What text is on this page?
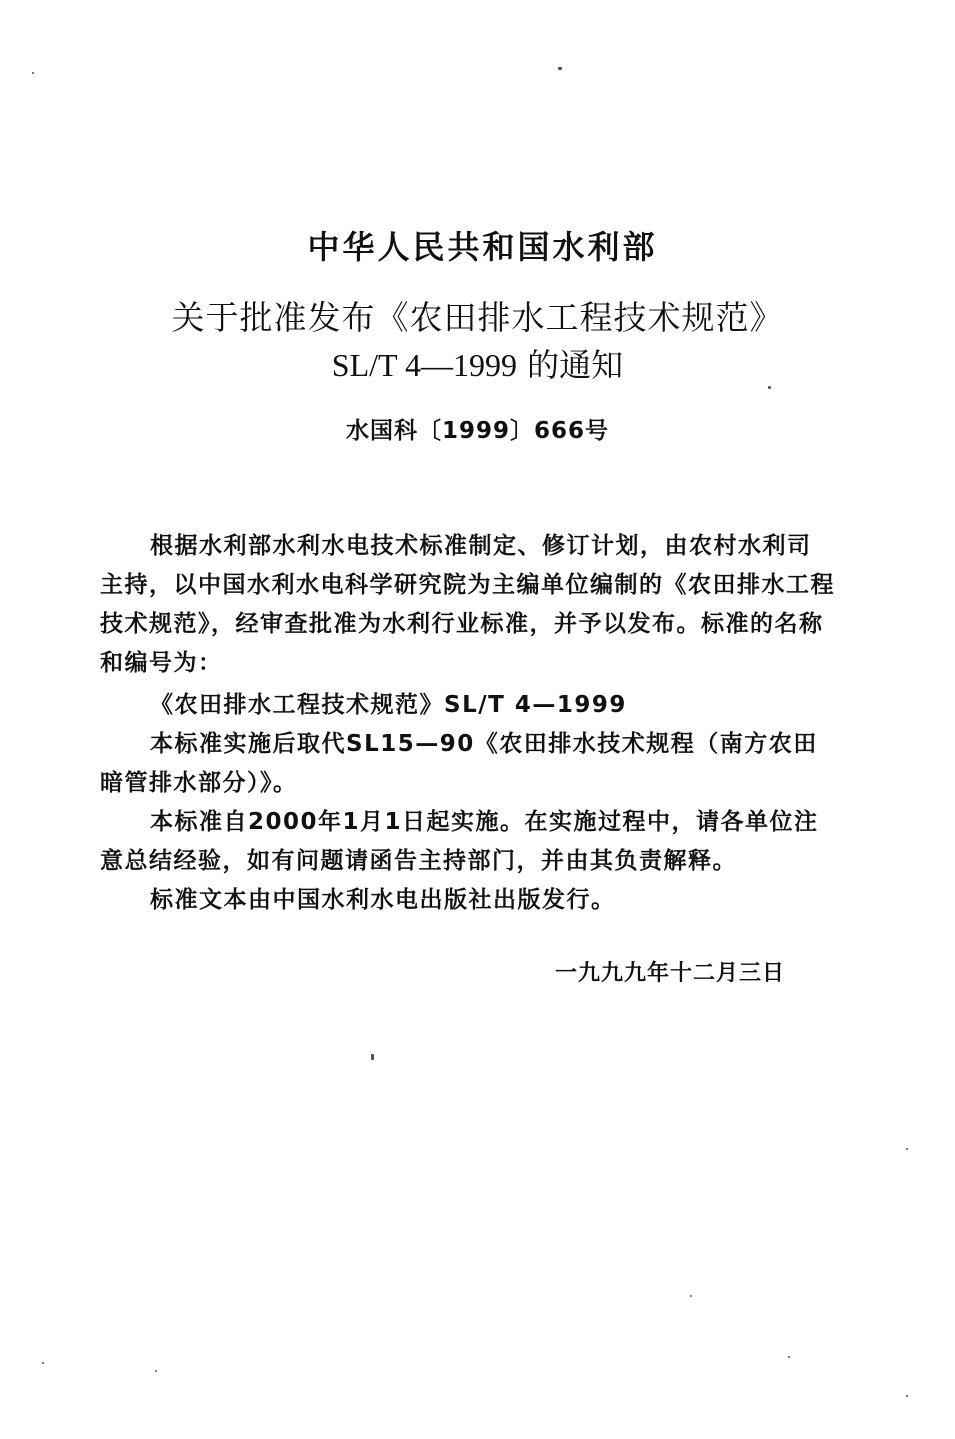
中华人民共和国水利部
关于批准发布《农田排水工程技术规范》
SL/T 4—1999 的通知
水国科〔1999〕666号
根据水利部水利水电技术标准制定、修订计划，由农村水利司主持，以中国水利水电科学研究院为主编单位编制的《农田排水工程技术规范》，经审查批准为水利行业标准，并予以发布。标准的名称和编号为：
《农田排水工程技术规范》SL/T 4—1999
本标准实施后取代SL15—90《农田排水技术规程（南方农田暗管排水部分）》。
本标准自2000年1月1日起实施。在实施过程中，请各单位注意总结经验，如有问题请函告主持部门，并由其负责解释。
标准文本由中国水利水电出版社出版发行。
一九九九年十二月三日
